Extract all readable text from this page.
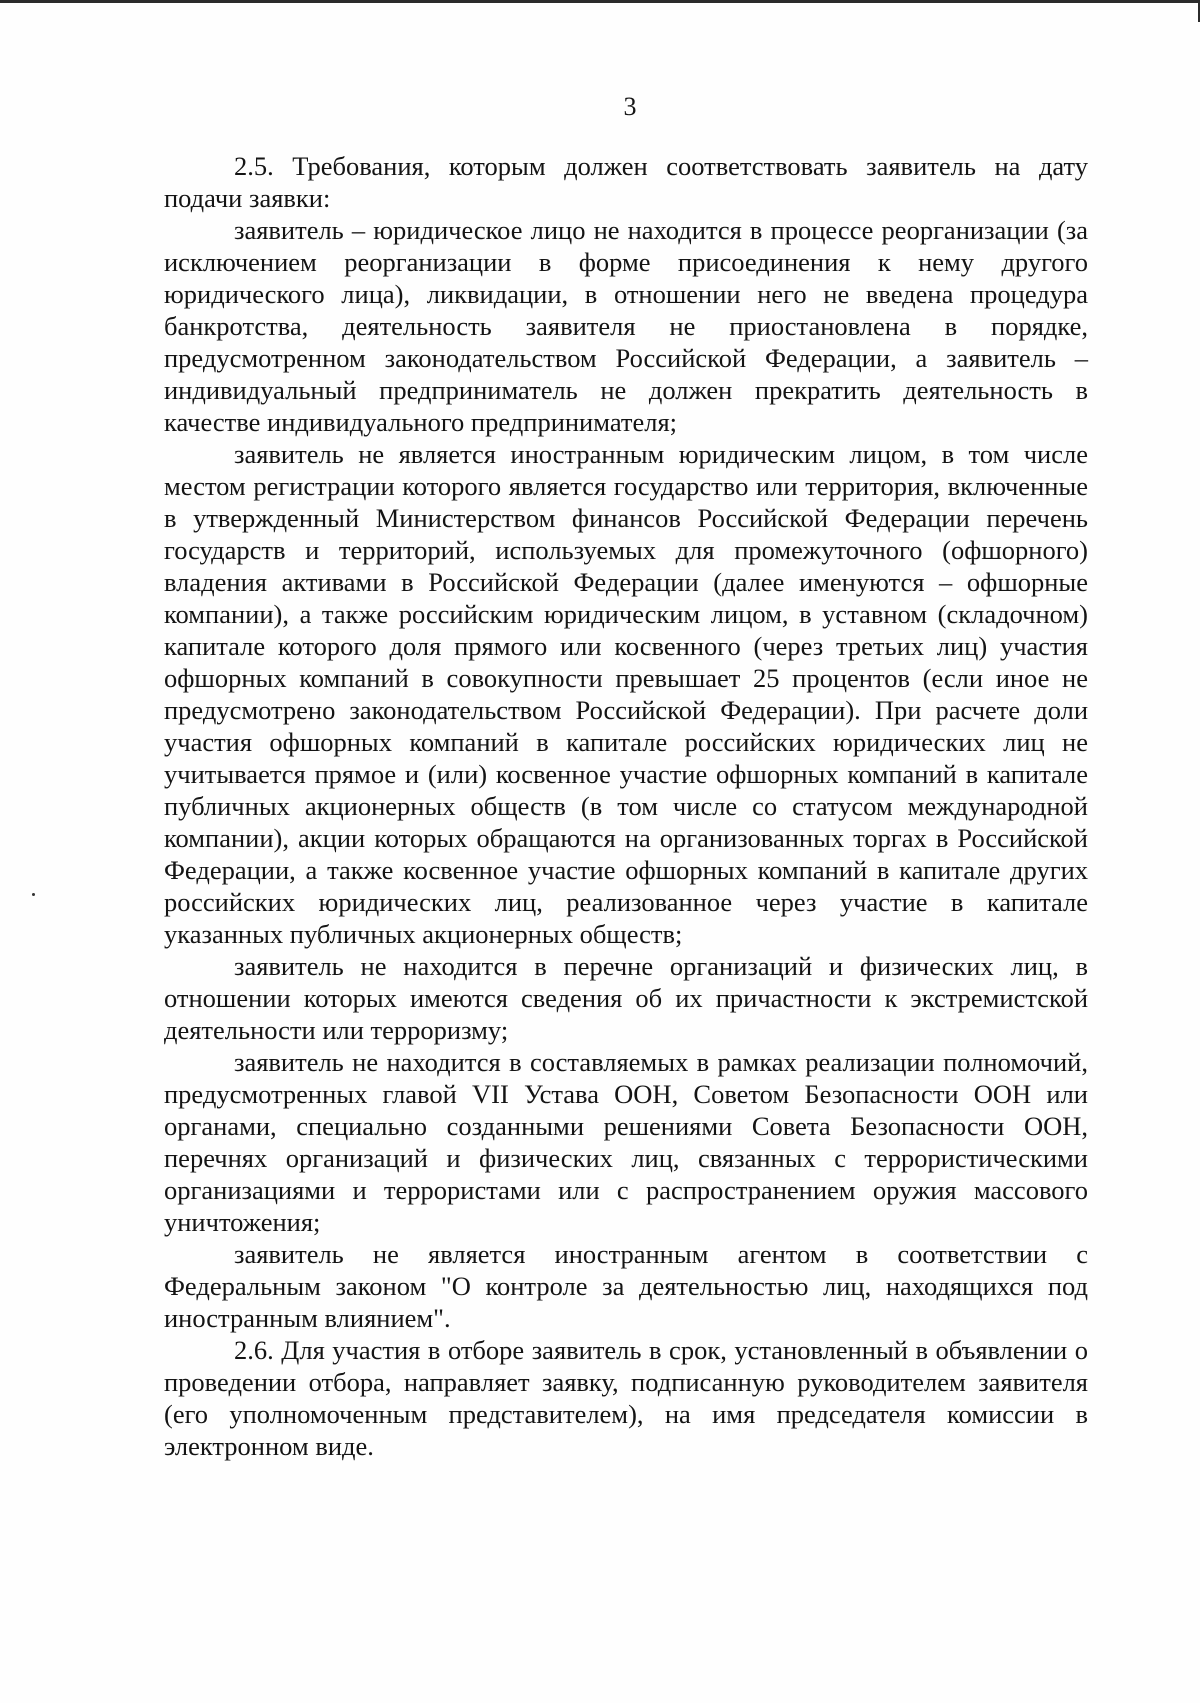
3

2.5. Требования, которым должен соответствовать заявитель на дату подачи заявки:

заявитель – юридическое лицо не находится в процессе реорганизации (за исключением реорганизации в форме присоединения к нему другого юридического лица), ликвидации, в отношении него не введена процедура банкротства, деятельность заявителя не приостановлена в порядке, предусмотренном законодательством Российской Федерации, а заявитель – индивидуальный предприниматель не должен прекратить деятельность в качестве индивидуального предпринимателя;

заявитель не является иностранным юридическим лицом, в том числе местом регистрации которого является государство или территория, включенные в утвержденный Министерством финансов Российской Федерации перечень государств и территорий, используемых для промежуточного (офшорного) владения активами в Российской Федерации (далее именуются – офшорные компании), а также российским юридическим лицом, в уставном (складочном) капитале которого доля прямого или косвенного (через третьих лиц) участия офшорных компаний в совокупности превышает 25 процентов (если иное не предусмотрено законодательством Российской Федерации). При расчете доли участия офшорных компаний в капитале российских юридических лиц не учитывается прямое и (или) косвенное участие офшорных компаний в капитале публичных акционерных обществ (в том числе со статусом международной компании), акции которых обращаются на организованных торгах в Российской Федерации, а также косвенное участие офшорных компаний в капитале других российских юридических лиц, реализованное через участие в капитале указанных публичных акционерных обществ;

заявитель не находится в перечне организаций и физических лиц, в отношении которых имеются сведения об их причастности к экстремистской деятельности или терроризму;

заявитель не находится в составляемых в рамках реализации полномочий, предусмотренных главой VII Устава ООН, Советом Безопасности ООН или органами, специально созданными решениями Совета Безопасности ООН, перечнях организаций и физических лиц, связанных с террористическими организациями и террористами или с распространением оружия массового уничтожения;

заявитель не является иностранным агентом в соответствии с Федеральным законом "О контроле за деятельностью лиц, находящихся под иностранным влиянием".

2.6. Для участия в отборе заявитель в срок, установленный в объявлении о проведении отбора, направляет заявку, подписанную руководителем заявителя (его уполномоченным представителем), на имя председателя комиссии в электронном виде.
